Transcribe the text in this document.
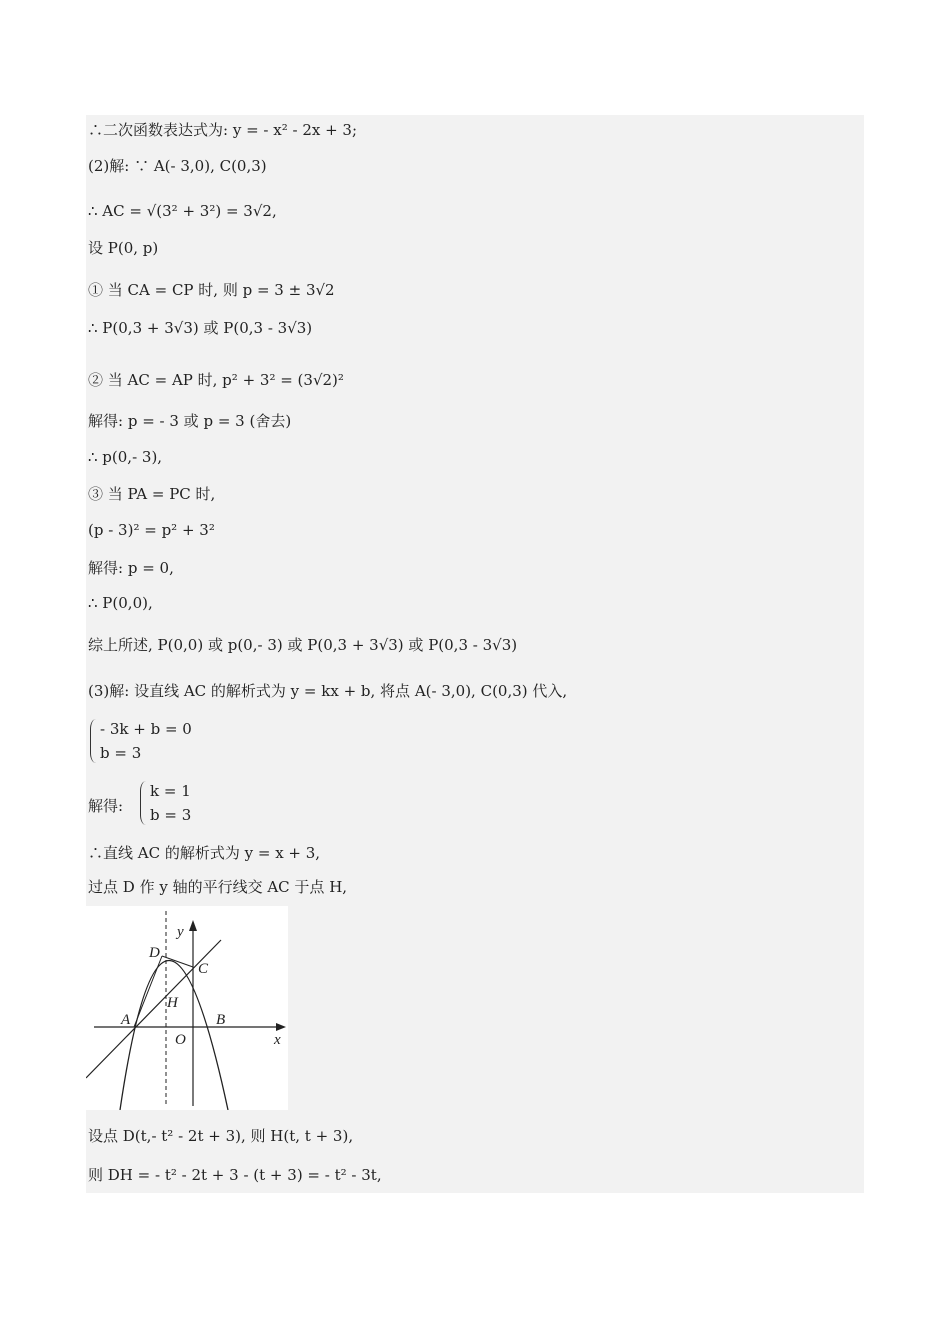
∴二次函数表达式为: y = - x² - 2x + 3;
(2)解: ∵ A(- 3,0), C(0,3)
∴ AC = √(3² + 3²) = 3√2,
设 P(0, p)
① 当 CA = CP 时, 则 p = 3 ± 3√2
∴ P(0,3 + 3√3) 或 P(0,3 - 3√3)
② 当 AC = AP 时, p² + 3² = (3√2)²
解得: p = - 3 或 p = 3 (舍去)
∴ p(0,- 3),
③ 当 PA = PC 时,
(p - 3)² = p² + 3²
解得: p = 0,
∴ P(0,0),
综上所述, P(0,0) 或 p(0,- 3) 或 P(0,3 + 3√3) 或 P(0,3 - 3√3)
(3)解: 设直线 AC 的解析式为 y = kx + b, 将点 A(- 3,0), C(0,3) 代入,
- 3k + b = 0
b = 3
解得:
k = 1
b = 3
∴直线 AC 的解析式为 y = x + 3,
过点 D 作 y 轴的平行线交 AC 于点 H,
y
x
D
C
H
A
O
B
设点 D(t,- t² - 2t + 3), 则 H(t, t + 3),
则 DH = - t² - 2t + 3 - (t + 3) = - t² - 3t,
